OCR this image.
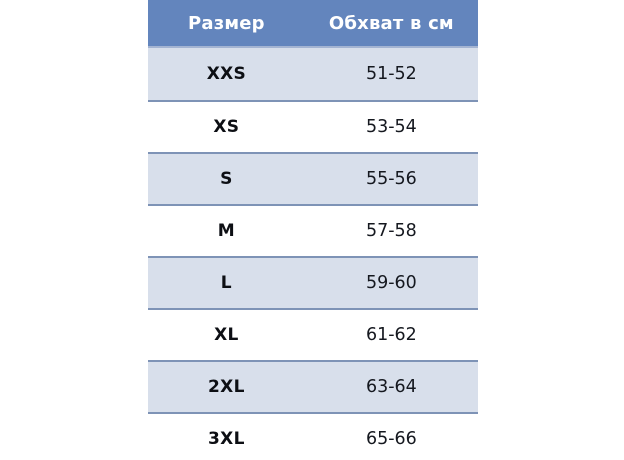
Размер	Обхват в см
XXS	51-52
XS	53-54
S	55-56
M	57-58
L	59-60
XL	61-62
2XL	63-64
3XL	65-66
